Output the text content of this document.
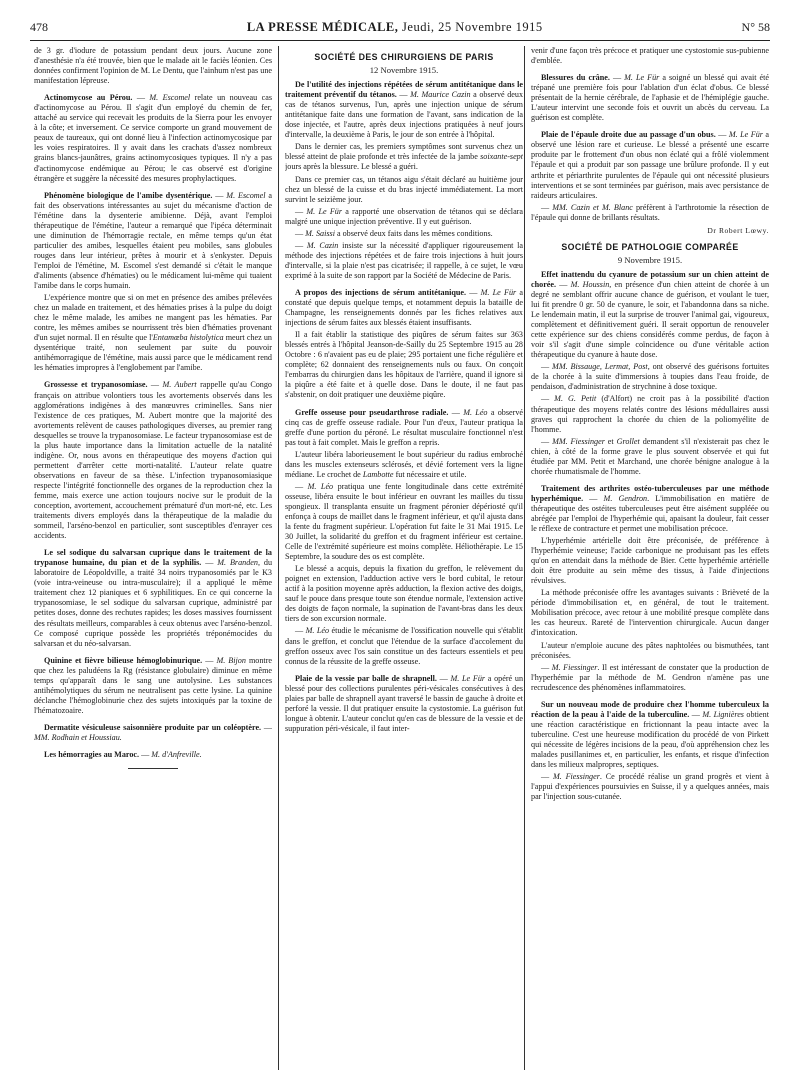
478	LA PRESSE MÉDICALE, Jeudi, 25 Novembre 1915	N° 58

de 3 gr. d'iodure de potassium pendant deux jours. Aucune zone d'anesthésie n'a été trouvée, bien que le malade ait le faciès léonien. Ces données confirment l'opinion de M. Le Dentu, que l'ainhum n'est pas une manifestation lépreuse.

Actinomycose au Pérou. — M. Escomel relate un nouveau cas d'actinomycose au Pérou. Il s'agit d'un employé du chemin de fer, attaché au service qui recevait les produits de la Sierra pour les envoyer à la côte; et inversement. Ce service comporte un grand mouvement de peaux de taureaux, qui ont donné lieu à l'infection actinomycosique par les voies respiratoires. Il y avait dans les crachats d'assez nombreux grains blancs-jaunâtres, grains actinomycosiques typiques. Il n'y a pas d'actinomycose endémique au Pérou; le cas observé est d'origine étrangère et suggère la nécessité des mesures prophylactiques.

Phénomène biologique de l'amibe dysentérique. — M. Escomel a fait des observations intéressantes au sujet du mécanisme d'action de l'émétine dans la dysenterie amibienne. Déjà, avant l'emploi thérapeutique de l'émétine, l'auteur a remarqué que l'ipéca déterminait une diminution de l'hémorragie rectale, en même temps qu'un état particulier des amibes, lesquelles étaient peu mobiles, sans globules rouges dans leur intérieur, prêtes à mourir et à s'enkyster. Depuis l'emploi de l'émétine, M. Escomel s'est demandé si c'était le manque d'aliments (absence d'hématies) ou le médicament lui-même qui tuaient l'amibe dans le corps humain.

L'expérience montre que si on met en présence des amibes prélevées chez un malade en traitement, et des hématies prises à la pulpe du doigt chez le même malade, les amibes ne mangent pas les hématies. Par contre, les mêmes amibes se nourrissent très bien d'hématies provenant d'un sujet normal. Il en résulte que l'Entamœba histolytica meurt chez un dysentérique traité, non seulement par suite du pouvoir antihémorragique de l'émétine, mais aussi parce que le médicament rend les hématies impropres à l'englobement par l'amibe.

Grossesse et trypanosomiase. — M. Aubert rappelle qu'au Congo français on attribue volontiers tous les avortements observés dans les agglomérations indigènes à des manœuvres criminelles. Sans nier l'existence de ces pratiques, M. Aubert montre que la majorité des avortements relèvent de causes pathologiques diverses, au premier rang desquelles se trouve la trypanosomiase. Le facteur trypanosomiase est de la plus haute importance dans la limitation actuelle de la natalité indigène. Or, nous avons en thérapeutique des moyens d'action qui permettent d'arrêter cette morti-natalité. L'auteur relate quatre observations en faveur de sa thèse. L'infection trypanosomiasique respecte l'intégrité fonctionnelle des organes de la reproduction chez la femme, mais exerce une action toujours nocive sur le produit de la conception, avortement, accouchement prématuré d'un mort-né, etc. Les traitements divers employés dans la thérapeutique de la maladie du sommeil, l'arséno-benzol en particulier, sont susceptibles d'enrayer ces accidents.

Le sel sodique du salvarsan cuprique dans le traitement de la trypanose humaine, du pian et de la syphilis. — M. Branden, du laboratoire de Léopoldville, a traité 34 noirs trypanosomiés par le K3 (voie intra-veineuse ou intra-musculaire); il a appliqué le même traitement chez 12 pianiques et 6 syphilitiques. En ce qui concerne la trypanosomiase, le sel sodique du salvarsan cuprique, administré par petites doses, donne des rechutes rapides; les doses massives fournissent des résultats meilleurs, comparables à ceux obtenus avec l'arséno-benzol. Ce composé cuprique possède les propriétés tréponémocides du salvarsan et du néo-salvarsan.

Quinine et fièvre bilieuse hémoglobinurique. — M. Bijon montre que chez les paludéens la Rg (résistance globulaire) diminue en même temps qu'apparaît dans le sang une autolysine. Les substances antihémolytiques du sérum ne neutralisent pas cette lysine. La quinine déclanche l'hémoglobinurie chez des sujets intoxiqués par la toxine de l'hématozoaire.

Dermatite vésiculeuse saisonnière produite par un coléoptère. — MM. Rodhain et Houssiau.

Les hémorragies au Maroc. — M. d'Anfreville.

SOCIÉTÉ DES CHIRURGIENS DE PARIS
12 Novembre 1915.

De l'utilité des injections répétées de sérum antitétanique dans le traitement préventif du tétanos. — M. Maurice Cazin a observé deux cas de tétanos survenus, l'un, après une injection unique de sérum antitétanique faite dans une formation de l'avant, sans indication de la dose injectée, et l'autre, après deux injections pratiquées à neuf jours d'intervalle, la deuxième à Paris, le jour de son entrée à l'hôpital.

Dans le dernier cas, les premiers symptômes sont survenus chez un blessé atteint de plaie profonde et très infectée de la jambe soixante-sept jours après la blessure. Le blessé a guéri.

Dans ce premier cas, un tétanos aigu s'était déclaré au huitième jour chez un blessé de la cuisse et du bras injecté immédiatement. La mort survint le seizième jour.

— M. Le Für a rapporté une observation de tétanos qui se déclara malgré une unique injection préventive. Il y eut guérison.

— M. Saissi a observé deux faits dans les mêmes conditions.

— M. Cazin insiste sur la nécessité d'appliquer rigoureusement la méthode des injections répétées et de faire trois injections à huit jours d'intervalle, si la plaie n'est pas cicatrisée; il rappelle, à ce sujet, le vœu exprimé à la suite de son rapport par la Société de Médecine de Paris.

A propos des injections de sérum antitétanique. — M. Le Für a constaté que depuis quelque temps, et notamment depuis la bataille de Champagne, les renseignements donnés par les fiches relatives aux injections de sérum faites aux blessés étaient insuffisants.

Il a fait établir la statistique des piqûres de sérum faites sur 363 blessés entrés à l'hôpital Jeanson-de-Sailly du 25 Septembre 1915 au 28 Octobre : 6 n'avaient pas eu de plaie; 295 portaient une fiche régulière et complète; 62 donnaient des renseignements nuls ou faux. On conçoit l'embarras du chirurgien dans les hôpitaux de l'arrière, quand il ignore si la piqûre a été faite et à quelle dose. Dans le doute, il ne faut pas s'abstenir, on doit pratiquer une deuxième piqûre.

Greffe osseuse pour pseudarthrose radiale. — M. Léo a observé cinq cas de greffe osseuse radiale. Pour l'un d'eux, l'auteur pratiqua la greffe d'une portion du péroné. Le résultat musculaire fonctionnel n'est pas tout à fait complet. Mais le greffon a repris.

L'auteur libéra laborieusement le bout supérieur du radius embroché dans les muscles extenseurs sclérosés, et dévié fortement vers la ligne médiane. Le crochet de Lambotte fut nécessaire et utile.

— M. Léo pratiqua une fente longitudinale dans cette extrémité osseuse, libéra ensuite le bout inférieur en ouvrant les mailles du tissu spongieux. Il transplanta ensuite un fragment péronier dépériosté qu'il enfonça à coups de maillet dans le fragment inférieur, et qu'il ajusta dans la fente du fragment supérieur. L'opération fut faite le 31 Mai 1915. Le 30 Juillet, la solidarité du greffon et du fragment inférieur est certaine. Celle de l'extrémité supérieure est moins complète. Héliothérapie. Le 15 Septembre, la soudure des os est complète.

Le blessé a acquis, depuis la fixation du greffon, le relèvement du poignet en extension, l'adduction active vers le bord cubital, le retour actif à la position moyenne après adduction, la flexion active des doigts, sauf le pouce dans presque toute son étendue normale, l'extension active des doigts de façon normale, la supination de l'avant-bras dans les deux tiers de son excursion normale.

— M. Léo étudie le mécanisme de l'ossification nouvelle qui s'établit dans le greffon, et conclut que l'étendue de la surface d'accolement du greffon osseux avec l'os sain constitue un des facteurs essentiels et peu connus de la réussite de la greffe osseuse.

Plaie de la vessie par balle de shrapnell. — M. Le Für a opéré un blessé pour des collections purulentes péri-vésicales consécutives à des plaies par balle de shrapnell ayant traversé le bassin de gauche à droite et perforé la vessie. Il dut pratiquer ensuite la cystostomie. La guérison fut longue à obtenir. L'auteur conclut qu'en cas de blessure de la vessie et de suppuration péri-vésicale, il faut inter-

venir d'une façon très précoce et pratiquer une cystostomie sus-pubienne d'emblée.

Blessures du crâne. — M. Le Für a soigné un blessé qui avait été trépané une première fois pour l'ablation d'un éclat d'obus. Ce blessé présentait de la hernie cérébrale, de l'aphasie et de l'hémiplégie gauche. L'auteur intervint une seconde fois et ouvrit un abcès du cerveau. La guérison est complète.

Plaie de l'épaule droite due au passage d'un obus. — M. Le Für a observé une lésion rare et curieuse. Le blessé a présenté une escarre produite par le frottement d'un obus non éclaté qui a frôlé violemment l'épaule et qui a produit par son passage une brûlure profonde. Il y eut arthrite et périarthrite purulentes de l'épaule qui ont nécessité plusieurs interventions et se sont terminées par guérison, mais avec persistance de raideurs articulaires.

— MM. Cazin et M. Blanc préfèrent à l'arthrotomie la résection de l'épaule qui donne de brillants résultats.

Dr Robert Lœwy.
SOCIÉTÉ DE PATHOLOGIE COMPARÉE
9 Novembre 1915.

Effet inattendu du cyanure de potassium sur un chien atteint de chorée. — M. Houssin, en présence d'un chien atteint de chorée à un degré ne semblant offrir aucune chance de guérison, et voulant le tuer, lui fit prendre 0 gr. 50 de cyanure, le soir, et l'abandonna dans sa niche. Le lendemain matin, il eut la surprise de trouver l'animal gai, vigoureux, complètement et définitivement guéri. Il serait opportun de renouveler cette expérience sur des chiens considérés comme perdus, de façon à voir s'il s'agit d'une simple coïncidence ou d'une véritable action thérapeutique du cyanure à haute dose.

— MM. Bissauge, Lermat, Post, ont observé des guérisons fortuites de la chorée à la suite d'immersions à toupies dans l'eau froide, de pendaison, d'administration de strychnine à dose toxique.

— M. G. Petit (d'Alfort) ne croit pas à la possibilité d'action thérapeutique des moyens relatés contre des lésions médullaires aussi graves qui rapprochent la chorée du chien de la poliomyélite de l'homme.

— MM. Fiessinger et Grollet demandent s'il n'existerait pas chez le chien, à côté de la forme grave le plus souvent observée et qui fut étudiée par MM. Petit et Marchand, une chorée bénigne analogue à la chorée rhumatismale de l'homme.

Traitement des arthrites ostéo-tuberculeuses par une méthode hyperhémique. — M. Gendron. L'immobilisation en matière de thérapeutique des ostéites tuberculeuses peut être aisément suppléée ou abrégée par l'emploi de l'hyperhémie qui, apaisant la douleur, fait cesser le réflexe de contracture et permet une mobilisation précoce.

L'hyperhémie artérielle doit être préconisée, de préférence à l'hyperhémie veineuse; l'acide carbonique ne produisant pas les effets qu'on en attendait dans la méthode de Bier. Cette hyperhémie artérielle doit être produite au sein même des tissus, à l'aide d'injections révulsives.

La méthode préconisée offre les avantages suivants : Brièveté de la période d'immobilisation et, en général, de tout le traitement. Mobilisation précoce, avec retour à une mobilité presque complète dans les cas heureux. Rareté de l'intervention chirurgicale. Aucun danger d'intoxication.

L'auteur n'emploie aucune des pâtes naphtolées ou bismuthées, tant préconisées.

— M. Fiessinger. Il est intéressant de constater que la production de l'hyperhémie par la méthode de M. Gendron n'amène pas une recrudescence des phénomènes inflammatoires.

Sur un nouveau mode de produire chez l'homme tuberculeux la réaction de la peau à l'aide de la tuberculine. — M. Lignières obtient une réaction caractéristique en frictionnant la peau intacte avec la tuberculine. C'est une heureuse modification du procédé de von Pirkett qui nécessite de légères incisions de la peau, d'où appréhension chez les malades pusillanimes et, en particulier, les enfants, et risque d'infection dans les milieux malpropres, septiques.

— M. Fiessinger. Ce procédé réalise un grand progrès et vient à l'appui d'expériences poursuivies en Suisse, il y a quelques années, mais par l'injection sous-cutanée.
